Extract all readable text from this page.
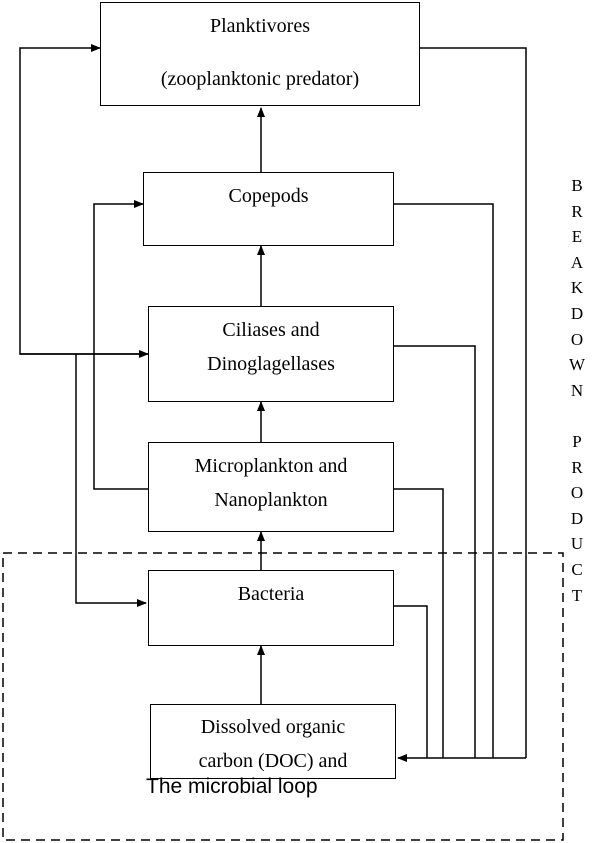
Planktivores
(zooplanktonic predator)
Copepods
Ciliases and
Dinoglagellases
Microplankton and
Nanoplankton
Bacteria
Dissolved organic
carbon (DOC) and
The microbial loop
B
R
E
A
K
D
O
W
N
P
R
O
D
U
C
T
